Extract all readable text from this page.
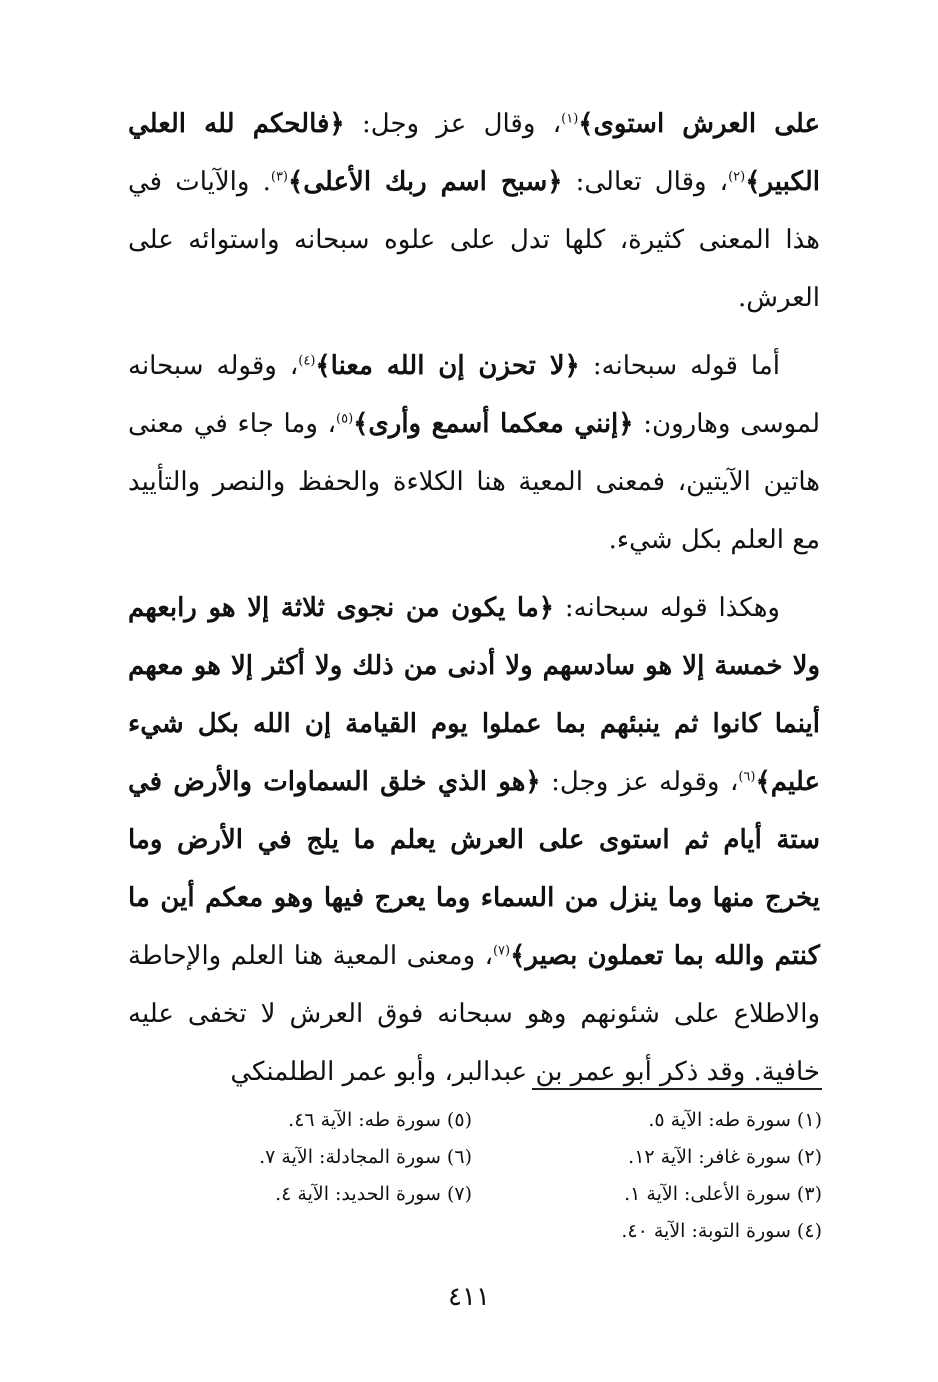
على العرش استوى﴾$^{(١)}$، وقال عز وجل: ﴿فالحكم لله العلي الكبير﴾$^{(٢)}$، وقال تعالى: ﴿سبح اسم ربك الأعلى﴾$^{(٣)}$. والآيات في هذا المعنى كثيرة، كلها تدل على علوه سبحانه واستوائه على العرش.

أما قوله سبحانه: ﴿لا تحزن إن الله معنا﴾$^{(٤)}$، وقوله سبحانه لموسى وهارون: ﴿إنني معكما أسمع وأرى﴾$^{(٥)}$، وما جاء في معنى هاتين الآيتين، فمعنى المعية هنا الكلاءة والحفظ والنصر والتأييد مع العلم بكل شيء.

وهكذا قوله سبحانه: ﴿ما يكون من نجوى ثلاثة إلا هو رابعهم ولا خمسة إلا هو سادسهم ولا أدنى من ذلك ولا أكثر إلا هو معهم أينما كانوا ثم ينبئهم بما عملوا يوم القيامة إن الله بكل شيء عليم﴾$^{(٦)}$، وقوله عز وجل: ﴿هو الذي خلق السماوات والأرض في ستة أيام ثم استوى على العرش يعلم ما يلج في الأرض وما يخرج منها وما ينزل من السماء وما يعرج فيها وهو معكم أين ما كنتم والله بما تعملون بصير﴾$^{(٧)}$، ومعنى المعية هنا العلم والإحاطة والاطلاع على شئونهم وهو سبحانه فوق العرش لا تخفى عليه خافية. وقد ذكر أبو عمر بن عبدالبر، وأبو عمر الطلمنكي

(١) سورة طه: الآية ٥.
(٢) سورة غافر: الآية ١٢.
(٣) سورة الأعلى: الآية ١.
(٤) سورة التوبة: الآية ٤٠.
(٥) سورة طه: الآية ٤٦.
(٦) سورة المجادلة: الآية ٧.
(٧) سورة الحديد: الآية ٤.
٤١١
